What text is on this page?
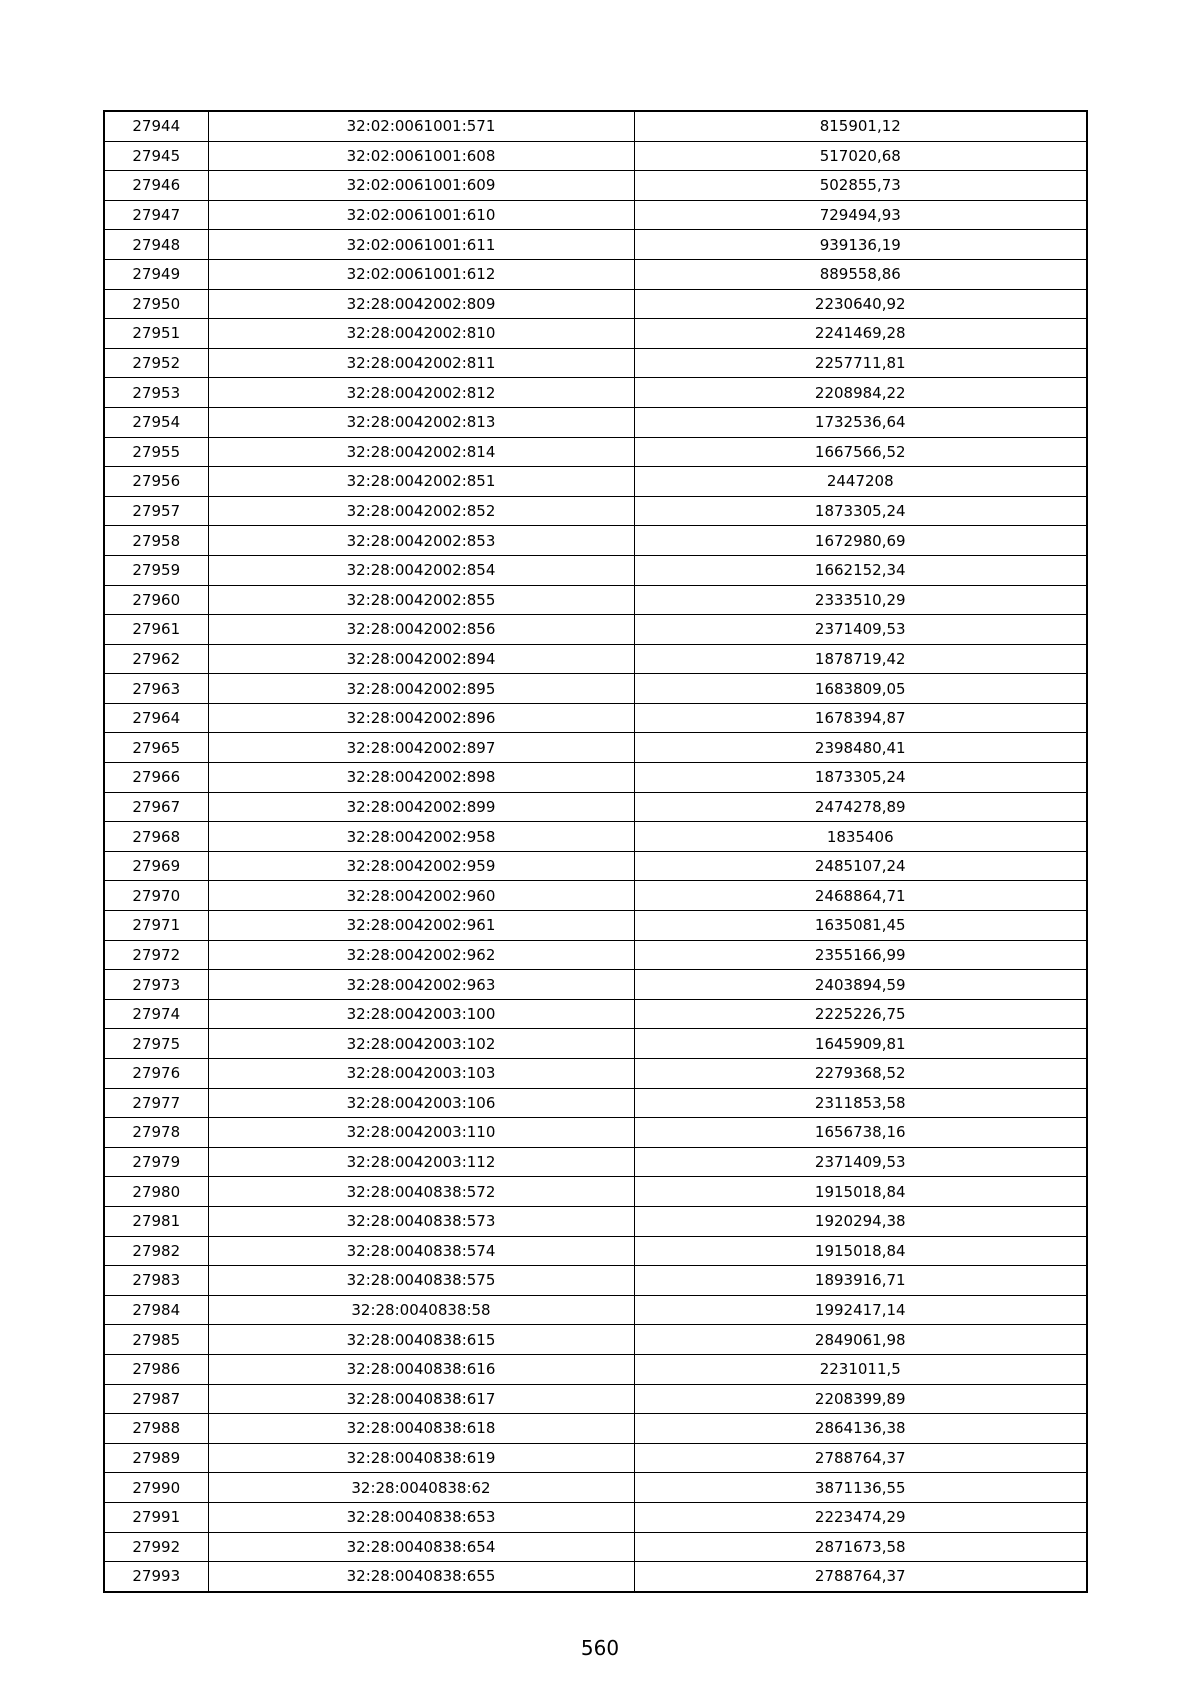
27944	32:02:0061001:571	815901,12
27945	32:02:0061001:608	517020,68
27946	32:02:0061001:609	502855,73
27947	32:02:0061001:610	729494,93
27948	32:02:0061001:611	939136,19
27949	32:02:0061001:612	889558,86
27950	32:28:0042002:809	2230640,92
27951	32:28:0042002:810	2241469,28
27952	32:28:0042002:811	2257711,81
27953	32:28:0042002:812	2208984,22
27954	32:28:0042002:813	1732536,64
27955	32:28:0042002:814	1667566,52
27956	32:28:0042002:851	2447208
27957	32:28:0042002:852	1873305,24
27958	32:28:0042002:853	1672980,69
27959	32:28:0042002:854	1662152,34
27960	32:28:0042002:855	2333510,29
27961	32:28:0042002:856	2371409,53
27962	32:28:0042002:894	1878719,42
27963	32:28:0042002:895	1683809,05
27964	32:28:0042002:896	1678394,87
27965	32:28:0042002:897	2398480,41
27966	32:28:0042002:898	1873305,24
27967	32:28:0042002:899	2474278,89
27968	32:28:0042002:958	1835406
27969	32:28:0042002:959	2485107,24
27970	32:28:0042002:960	2468864,71
27971	32:28:0042002:961	1635081,45
27972	32:28:0042002:962	2355166,99
27973	32:28:0042002:963	2403894,59
27974	32:28:0042003:100	2225226,75
27975	32:28:0042003:102	1645909,81
27976	32:28:0042003:103	2279368,52
27977	32:28:0042003:106	2311853,58
27978	32:28:0042003:110	1656738,16
27979	32:28:0042003:112	2371409,53
27980	32:28:0040838:572	1915018,84
27981	32:28:0040838:573	1920294,38
27982	32:28:0040838:574	1915018,84
27983	32:28:0040838:575	1893916,71
27984	32:28:0040838:58	1992417,14
27985	32:28:0040838:615	2849061,98
27986	32:28:0040838:616	2231011,5
27987	32:28:0040838:617	2208399,89
27988	32:28:0040838:618	2864136,38
27989	32:28:0040838:619	2788764,37
27990	32:28:0040838:62	3871136,55
27991	32:28:0040838:653	2223474,29
27992	32:28:0040838:654	2871673,58
27993	32:28:0040838:655	2788764,37
560
